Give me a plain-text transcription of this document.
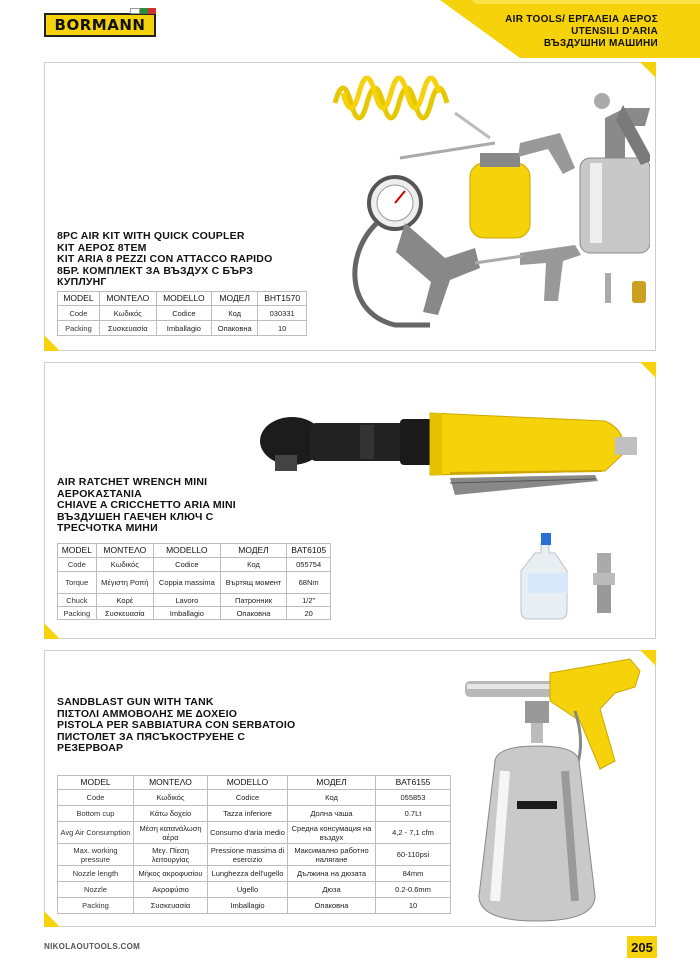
BORMANN	AIR TOOLS/ ΕΡΓΑΛΕΙΑ ΑΕΡΟΣ
UTENSILI D'ARIA
ВЪЗДУШНИ МАШИНИ
8PC AIR KIT WITH QUICK COUPLER
KIT ΑΕΡΟΣ 8ΤΕΜ
KIT ARIA 8 PEZZI CON ATTACCO RAPIDO
8БР. КОМПЛЕКТ ЗА ВЪЗДУХ С БЪРЗ
КУПЛУНГ
MODEL	ΜΟΝΤΕΛΟ	MODELLO	МОДЕЛ	BHT1570
Code	Κωδικός	Codice	Код	030331
Packing	Συσκευασία	Imballagio	Опаковна	10
AIR RATCHET WRENCH MINI
ΑΕΡΟΚΑΣΤΑΝΙΑ
CHIAVE A CRICCHETTO ARIA MINI
ВЪЗДУШЕН ГАЕЧЕН КЛЮЧ С
ТРЕСЧОТКА МИНИ
MODEL	ΜΟΝΤΕΛΟ	MODELLO	МОДЕЛ	BAT6105
Code	Κωδικός	Codice	Код	055754
Torque	Μέγιστη Ροπή	Coppia massima	Въртящ момент	68Nm
Chuck	Κορέ	Lavoro	Патронник	1/2"
Packing	Συσκευασία	Imballagio	Опаковна	20
SANDBLAST GUN WITH TANK
ΠΙΣΤΟΛΙ ΑΜΜΟΒΟΛΗΣ ΜΕ ΔΟΧΕΙΟ
PISTOLA PER SABBIATURA CON SERBATOIO
ПИСТОЛЕТ ЗА ПЯСЪКОСТРУЕНЕ С
РЕЗЕРВОАР
MODEL	ΜΟΝΤΕΛΟ	MODELLO	МОДЕЛ	BAT6155
Code	Κωδικός	Codice	Код	055853
Bottom cup	Κάτω δοχείο	Tazza inferiore	Долна чаша	0.7Lt
Avg Air Consumption	Μέση κατανάλωση αέρα	Consumo d'aria medio	Средна консумация на въздух	4,2 - 7,1 cfm
Max. working pressure	Μεγ. Πίεση λειτουργίας	Pressione massima di esercizio	Максимално работно налягане	60-110psi
Nozzle length	Μήκος ακροφυσίου	Lunghezza dell'ugello	Дължина на дюзата	84mm
Nozzle	Ακροφύσιο	Ugello	Дюза	0.2-0.6mm
Packing	Συσκευασία	Imballagio	Опаковна	10
NIKOLAOUTOOLS.COM	205
